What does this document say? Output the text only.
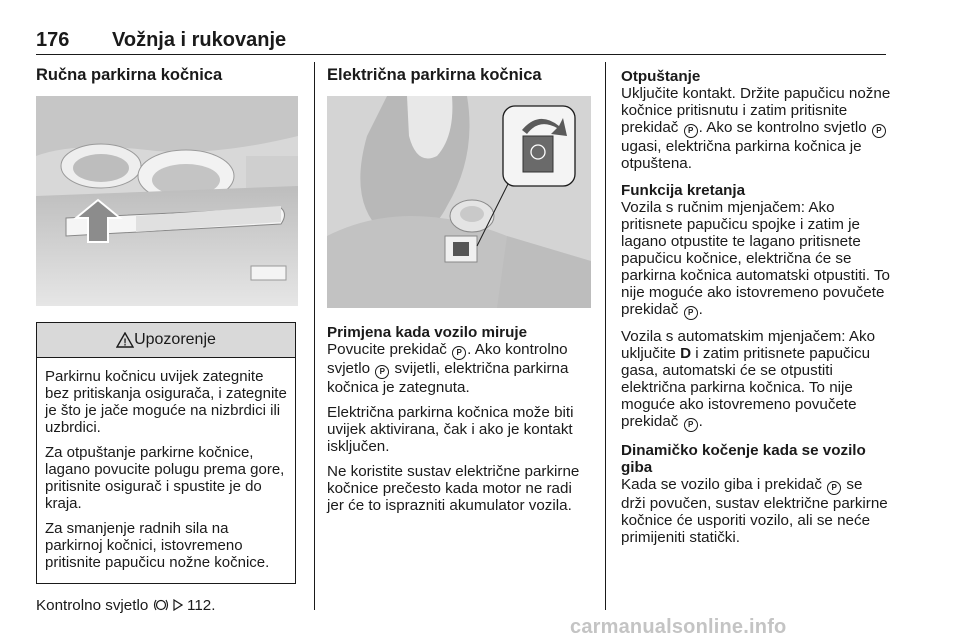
176 Vožnja i rukovanje
Ručna parkirna kočnica
! Upozorenje

Parkirnu kočnicu uvijek zategnite bez pritiskanja osigurača, i zategnite je što je jače moguće na nizbrdici ili uzbrdici.

Za otpuštanje parkirne kočnice, lagano povucite polugu prema gore, pritisnite osigurač i spustite je do kraja.

Za smanjenje radnih sila na parkirnoj kočnici, istovremeno pritisnite papučicu nožne kočnice.

Kontrolno svjetlo	112.
Električna parkirna kočnica
Primjena kada vozilo miruje

Povucite prekidač P . Ako kontrolno svjetlo P svijetli, električna parkirna kočnica je zategnuta.

Električna parkirna kočnica može biti uvijek aktivirana, čak i ako je kontakt isključen.

Ne koristite sustav električne parkirne kočnice prečesto kada motor ne radi jer će to isprazniti akumulator vozila.

Otpuštanje

Uključite kontakt. Držite papučicu nožne kočnice pritisnutu i zatim pritisnite prekidač P . Ako se kontrolno svjetlo P ugasi, električna parkirna kočnica je otpuštena.

Funkcija kretanja

Vozila s ručnim mjenjačem: Ako pritisnete papučicu spojke i zatim je lagano otpustite te lagano pritisnete papučicu kočnice, električna će se parkirna kočnica automatski otpustiti. To nije moguće ako istovremeno povučete prekidač P .

Vozila s automatskim mjenjačem: Ako uključite D i zatim pritisnete papučicu gasa, automatski će se otpustiti električna parkirna kočnica. To nije moguće ako istovremeno povučete prekidač P .

Dinamičko kočenje kada se vozilo giba

Kada se vozilo giba i prekidač P se drži povučen, sustav električne parkirne kočnice će usporiti vozilo, ali se neće primijeniti statički.

carmanualsonline.info
